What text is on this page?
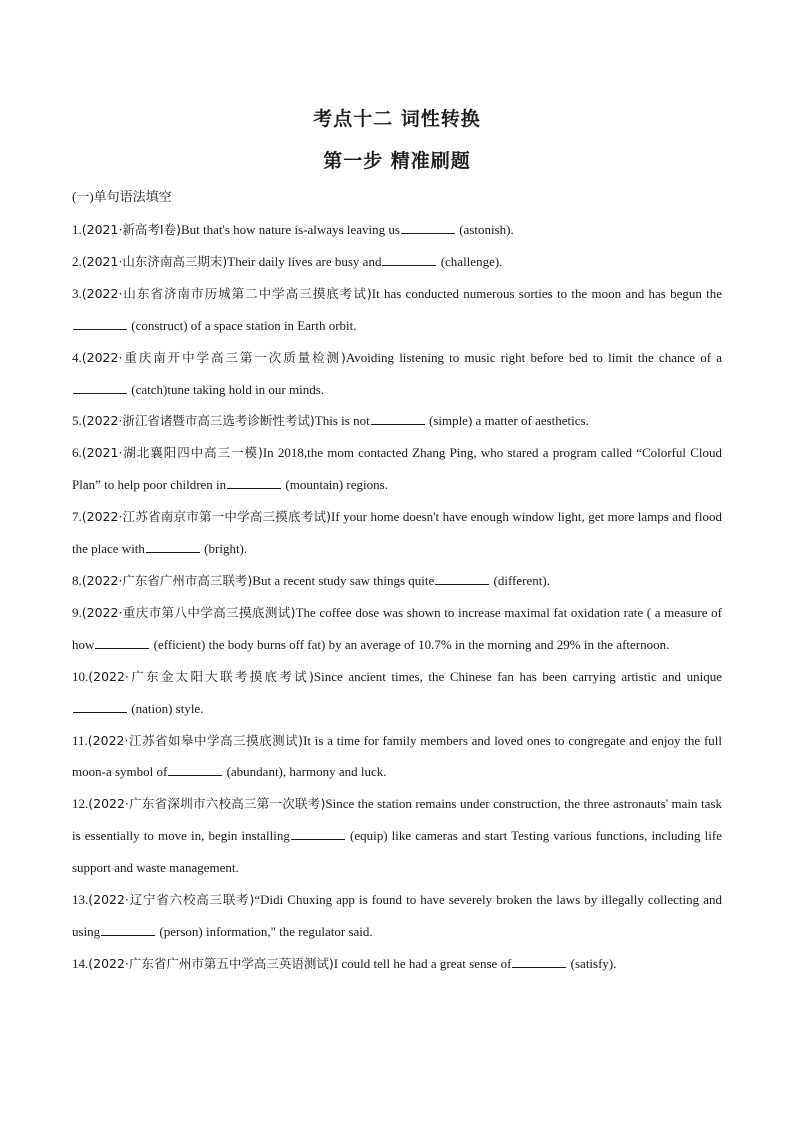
考点十二 词性转换
第一步 精准刷题
(一)单句语法填空

1.(2021·新高考Ⅰ卷)But that's how nature is-always leaving us	(astonish).

2.(2021·山东济南高三期末)Their daily lives are busy and	(challenge).

3.(2022·山东省济南市历城第二中学高三摸底考试)It has conducted numerous sorties to the moon and has begun the (construct) of a space station in Earth orbit.

4.(2022·重庆南开中学高三第一次质量检测)Avoiding listening to music right before bed to limit the chance of a  (catch)tune taking hold in our minds.

5.(2022·浙江省诸暨市高三选考诊断性考试)This is not	(simple) a matter of aesthetics.

6.(2021·湖北襄阳四中高三一模)In 2018,the mom contacted Zhang Ping, who stared a program called “Colorful Cloud Plan” to help poor children in	(mountain) regions.

7.(2022·江苏省南京市第一中学高三摸底考试)If your home doesn't have enough window light, get more lamps and flood the place with	(bright).

8.(2022·广东省广州市高三联考)But a recent study saw things quite	(different).

9.(2022·重庆市第八中学高三摸底测试)The coffee dose was shown to increase maximal fat oxidation rate ( a measure of how	(efficient) the body burns off fat) by an average of 10.7% in the morning and 29% in the afternoon.

10.(2022·广东金太阳大联考摸底考试)Since ancient times, the Chinese fan has been carrying artistic and unique (nation) style.

11.(2022·江苏省如皋中学高三摸底测试)It is a time for family members and loved ones to congregate and enjoy the full moon-a symbol of	(abundant), harmony and luck.

12.(2022·广东省深圳市六校高三第一次联考)Since the station remains under construction, the three astronauts' main task is essentially to move in, begin installing	(equip) like cameras and start Testing various functions, including life support and waste management.

13.(2022·辽宁省六校高三联考)“Didi Chuxing app is found to have severely broken the laws by illegally collecting and using	(person) information," the regulator said.

14.(2022·广东省广州市第五中学高三英语测试)I could tell he had a great sense of	(satisfy).
